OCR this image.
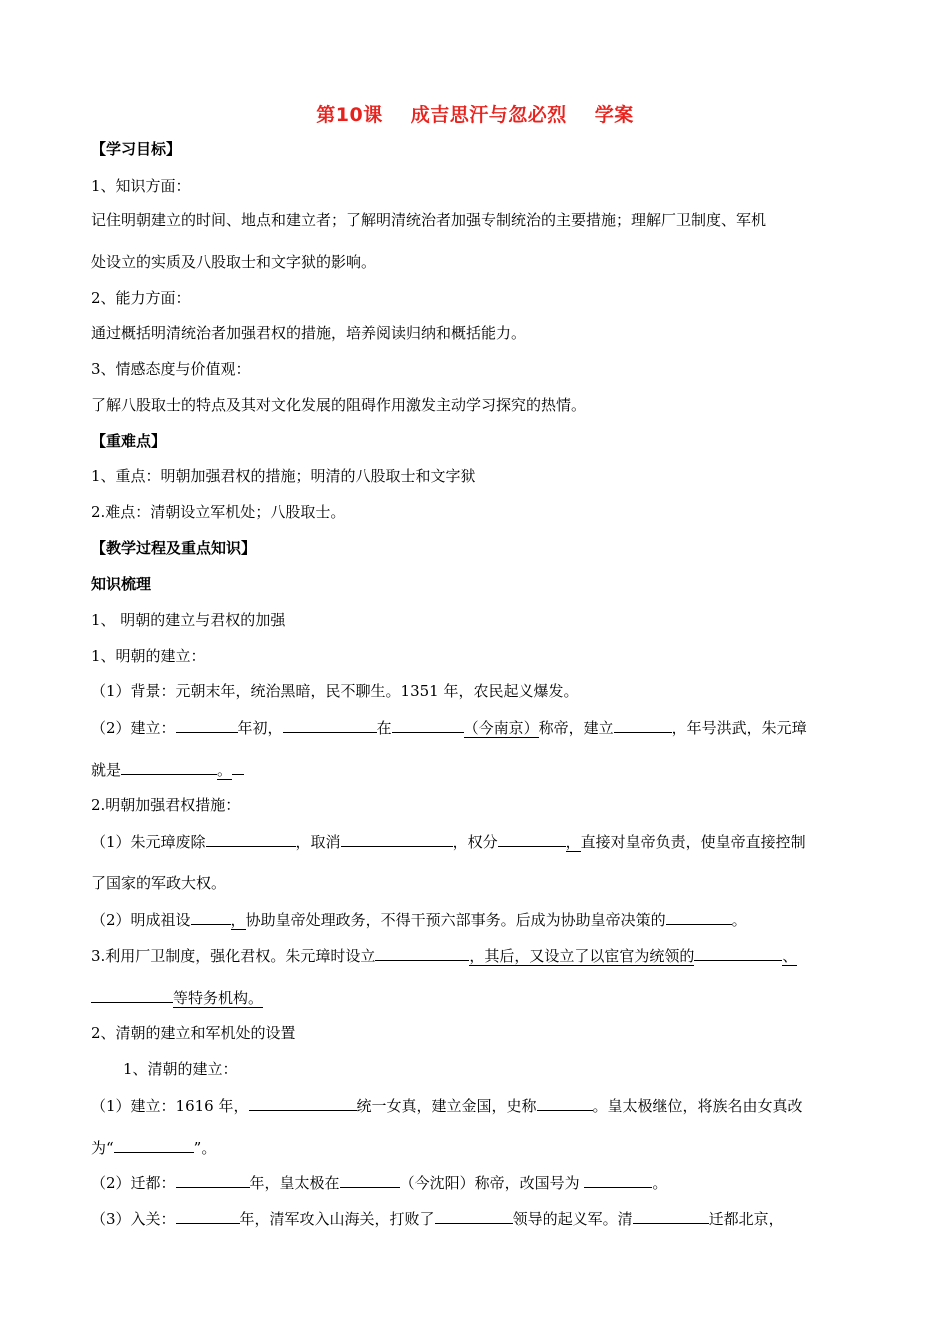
第10课 成吉思汗与忽必烈 学案
【学习目标】
1、知识方面：
记住明朝建立的时间、地点和建立者；了解明清统治者加强专制统治的主要措施；理解厂卫制度、军机
处设立的实质及八股取士和文字狱的影响。
2、能力方面：
通过概括明清统治者加强君权的措施，培养阅读归纳和概括能力。
3、情感态度与价值观：
了解八股取士的特点及其对文化发展的阻碍作用激发主动学习探究的热情。
【重难点】
1、重点：明朝加强君权的措施；明清的八股取士和文字狱
2.难点：清朝设立军机处；八股取士。
【教学过程及重点知识】
知识梳理
1、 明朝的建立与君权的加强
1、明朝的建立：
（1）背景：元朝末年，统治黑暗，民不聊生。1351 年，农民起义爆发。
（2）建立：	年初，	在	（今南京）称帝，建立	，年号洪武，朱元璋
就是	。
2.明朝加强君权措施：
（1）朱元璋废除	，取消	，权分	，直接对皇帝负责，使皇帝直接控制
了国家的军政大权。
（2）明成祖设	，协助皇帝处理政务，不得干预六部事务。后成为协助皇帝决策的	。
3.利用厂卫制度，强化君权。朱元璋时设立	，其后，又设立了以宦官为统领的	、
等特务机构。
2、清朝的建立和军机处的设置
1、清朝的建立：
（1）建立：1616 年，	统一女真，建立金国，史称	。皇太极继位，将族名由女真改
为“	”。
（2）迁都：	年，皇太极在	（今沈阳）称帝，改国号为	。
（3）入关：	年，清军攻入山海关，打败了	领导的起义军。清	迁都北京，
